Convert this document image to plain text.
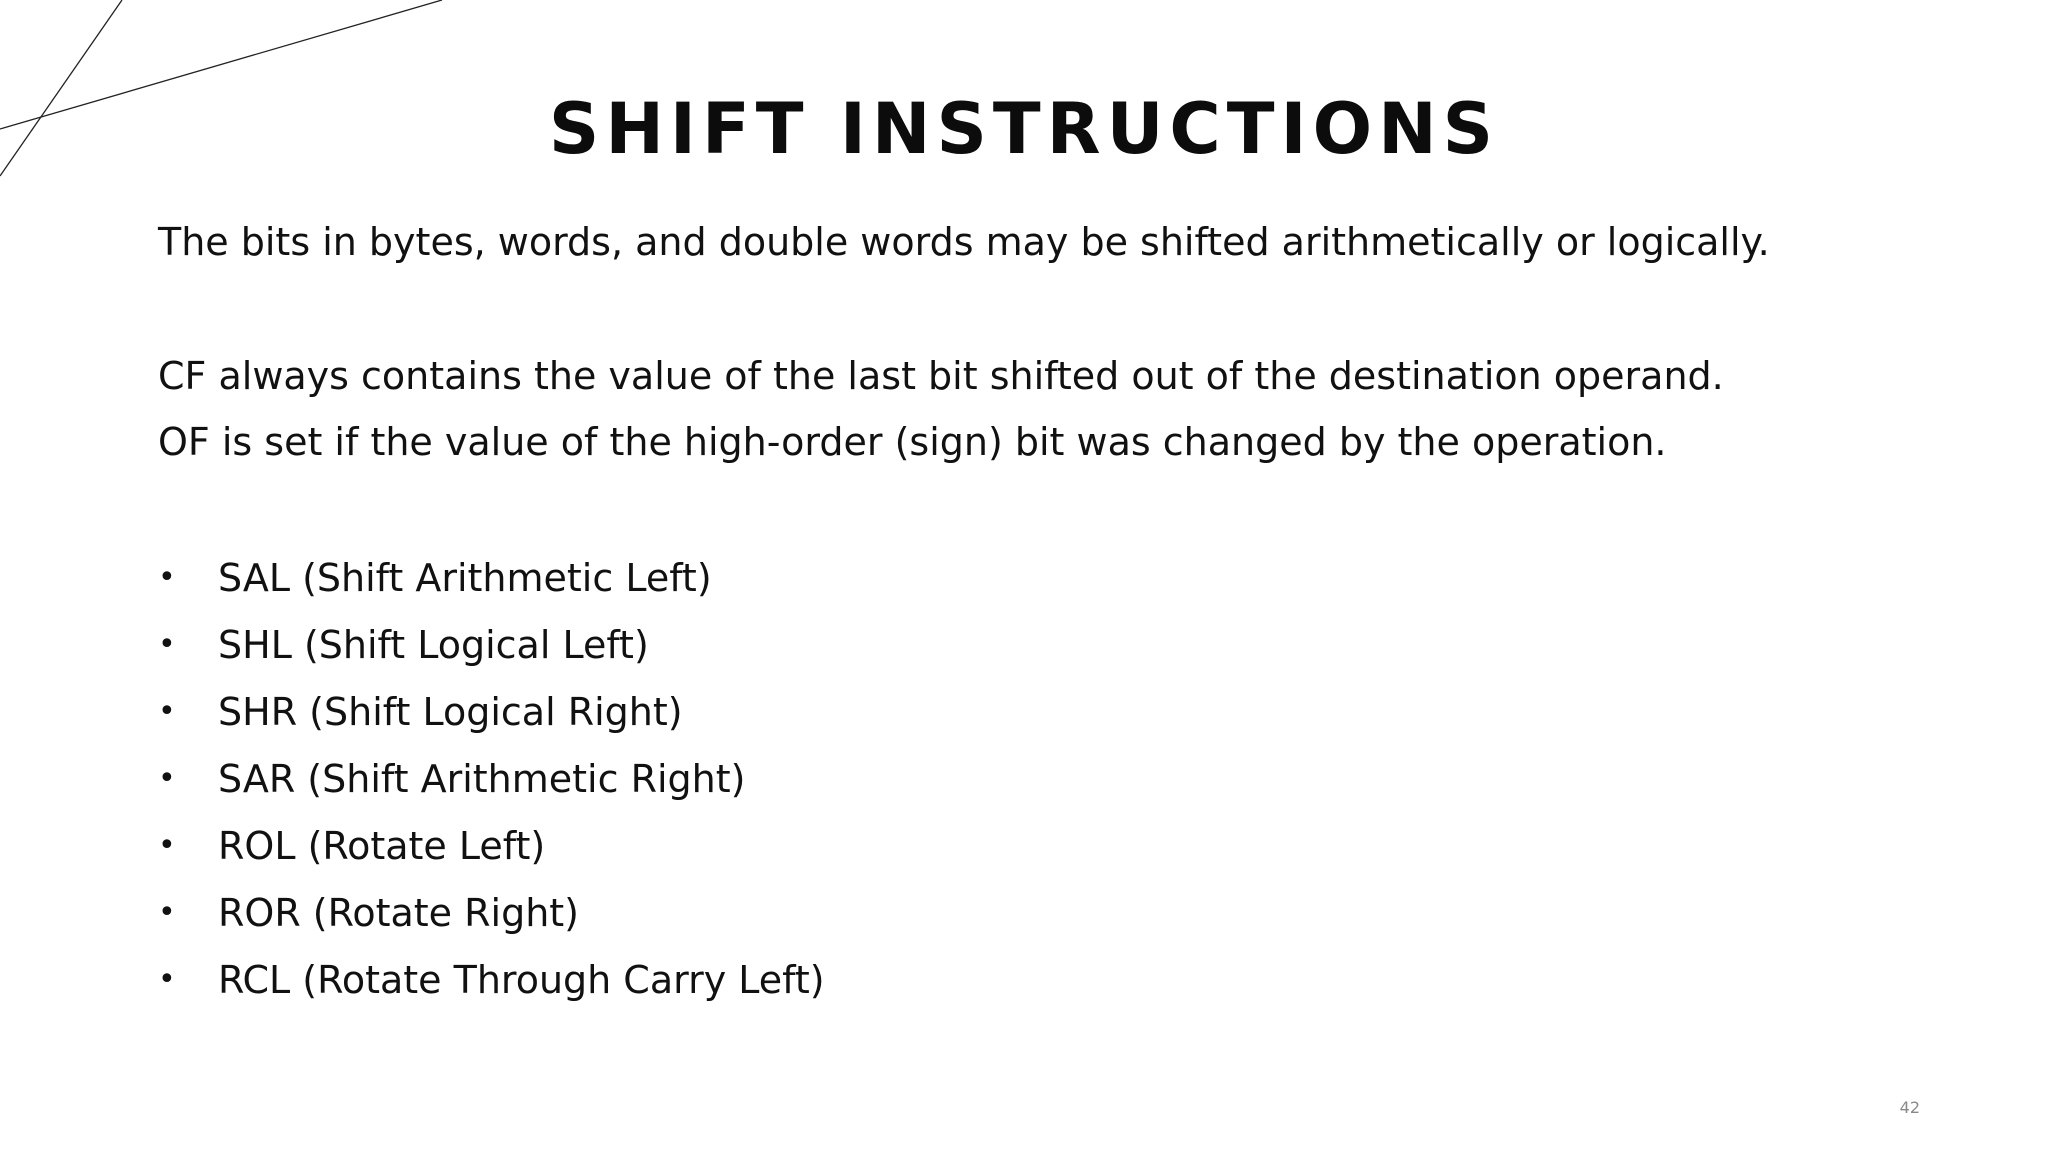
SHIFT INSTRUCTIONS
The bits in bytes, words, and double words may be shifted arithmetically or logically.
CF always contains the value of the last bit shifted out of the destination operand.
OF is set if the value of the high-order (sign) bit was changed by the operation.
•	SAL (Shift Arithmetic Left)
•	SHL (Shift Logical Left)
•	SHR (Shift Logical Right)
•	SAR (Shift Arithmetic Right)
•	ROL (Rotate Left)
•	ROR (Rotate Right)
•	RCL (Rotate Through Carry Left)
42
